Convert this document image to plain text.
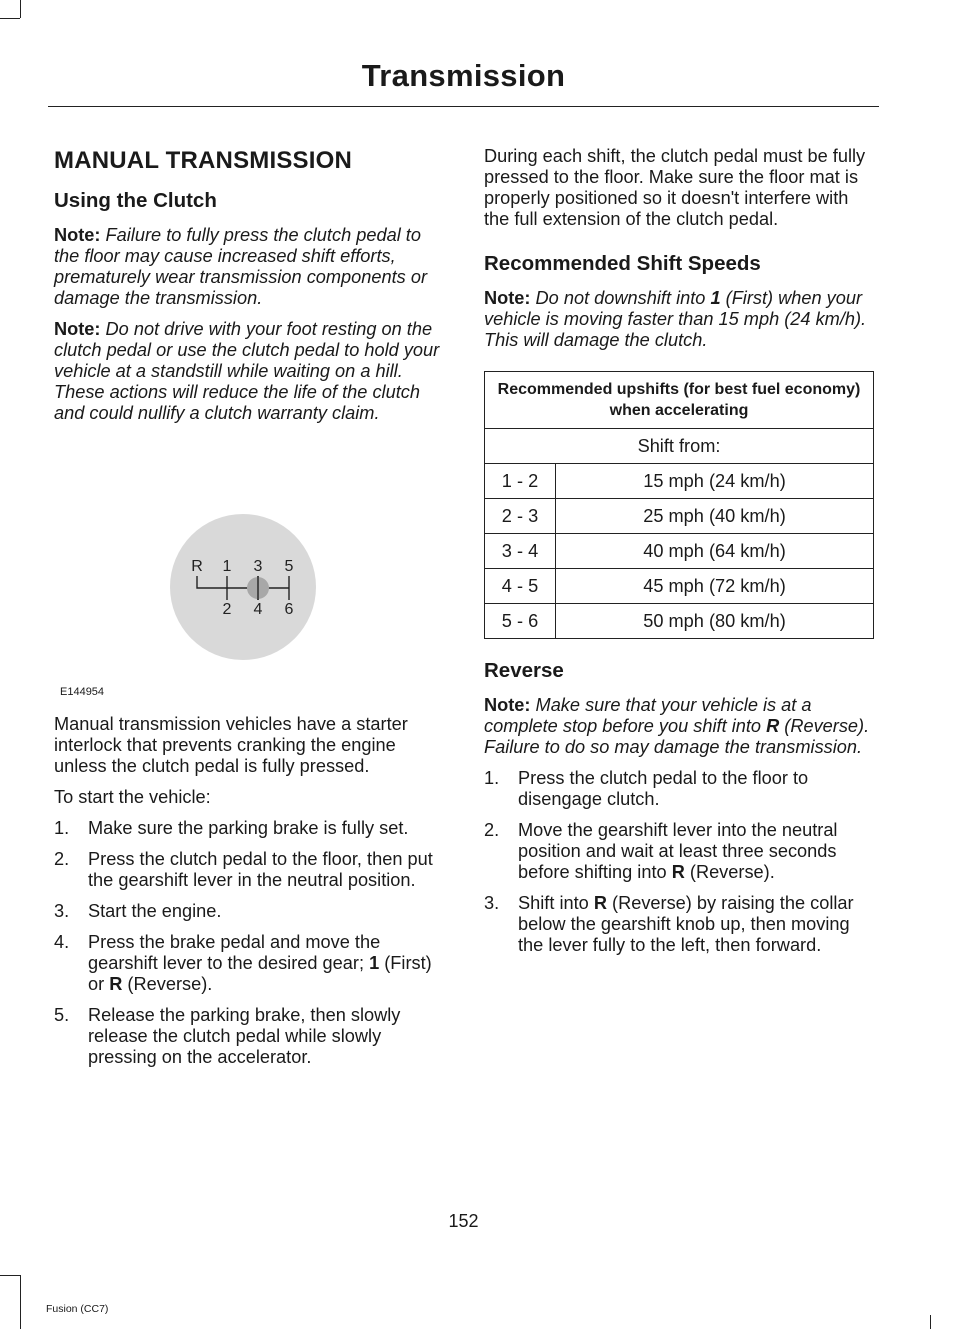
Transmission
MANUAL TRANSMISSION
Using the Clutch

Note: Failure to fully press the clutch pedal to the floor may cause increased shift efforts, prematurely wear transmission components or damage the transmission.

Note: Do not drive with your foot resting on the clutch pedal or use the clutch pedal to hold your vehicle at a standstill while waiting on a hill. These actions will reduce the life of the clutch and could nullify a clutch warranty claim.

R 1 3 5
2 4 6
E144954

Manual transmission vehicles have a starter interlock that prevents cranking the engine unless the clutch pedal is fully pressed.

To start the vehicle:

1. Make sure the parking brake is fully set.
2. Press the clutch pedal to the floor, then put the gearshift lever in the neutral position.
3. Start the engine.
4. Press the brake pedal and move the gearshift lever to the desired gear; 1 (First) or R (Reverse).
5. Release the parking brake, then slowly release the clutch pedal while slowly pressing on the accelerator.

During each shift, the clutch pedal must be fully pressed to the floor. Make sure the floor mat is properly positioned so it doesn't interfere with the full extension of the clutch pedal.

Recommended Shift Speeds

Note: Do not downshift into 1 (First) when your vehicle is moving faster than 15 mph (24 km/h). This will damage the clutch.

Recommended upshifts (for best fuel economy) when accelerating	
Shift from:	
1 - 2	15 mph (24 km/h)
2 - 3	25 mph (40 km/h)
3 - 4	40 mph (64 km/h)
4 - 5	45 mph (72 km/h)
5 - 6	50 mph (80 km/h)
Reverse

Note: Make sure that your vehicle is at a complete stop before you shift into R (Reverse). Failure to do so may damage the transmission.

1. Press the clutch pedal to the floor to disengage clutch.
2. Move the gearshift lever into the neutral position and wait at least three seconds before shifting into R (Reverse).
3. Shift into R (Reverse) by raising the collar below the gearshift knob up, then moving the lever fully to the left, then forward.
152
Fusion (CC7)
